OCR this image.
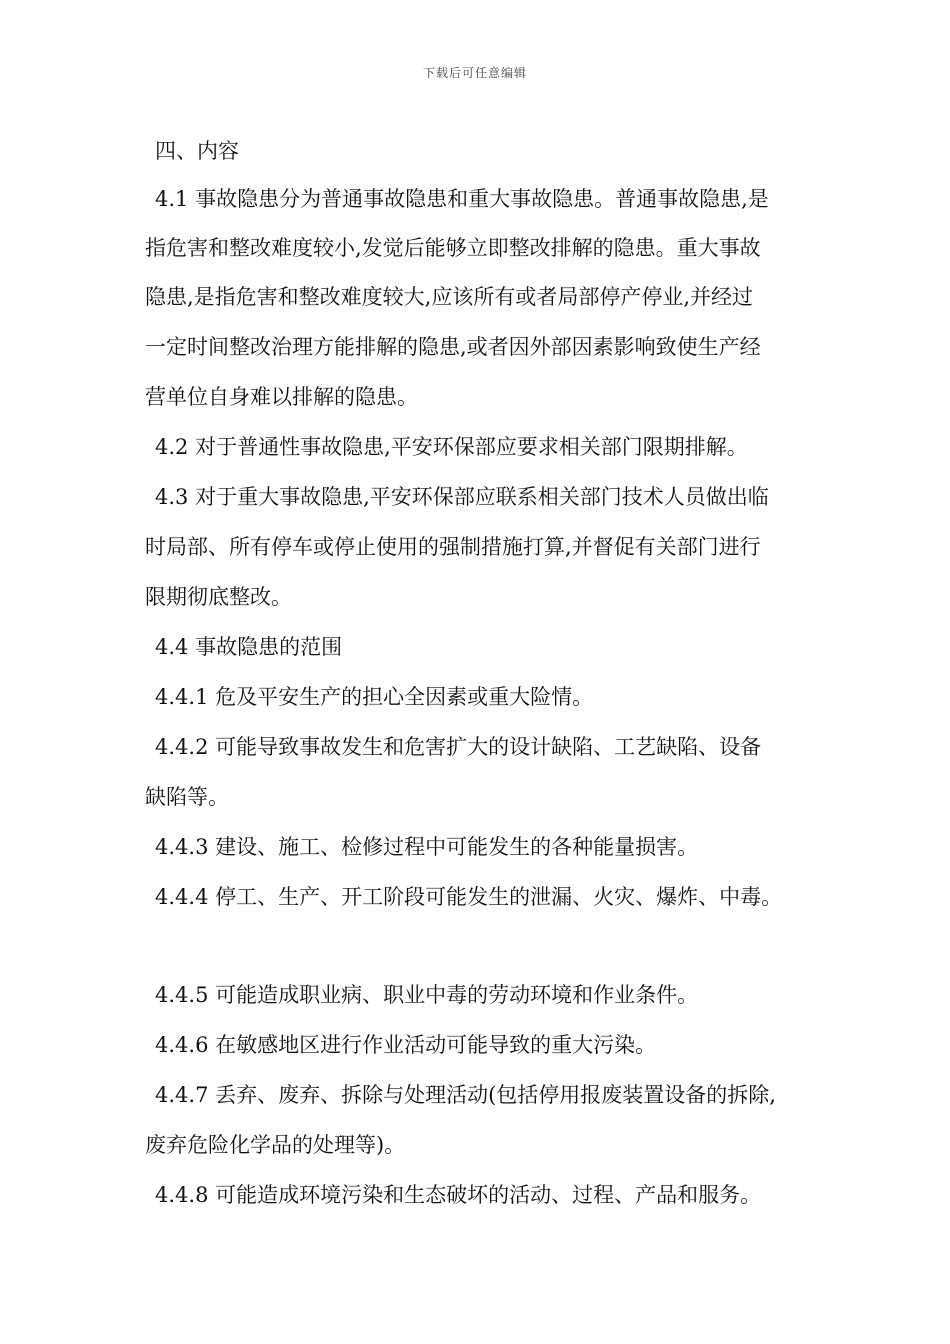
下载后可任意编辑
四、内容
4.1 事故隐患分为普通事故隐患和重大事故隐患。普通事故隐患,是
指危害和整改难度较小,发觉后能够立即整改排解的隐患。重大事故
隐患,是指危害和整改难度较大,应该所有或者局部停产停业,并经过
一定时间整改治理方能排解的隐患,或者因外部因素影响致使生产经
营单位自身难以排解的隐患。
4.2 对于普通性事故隐患,平安环保部应要求相关部门限期排解。
4.3 对于重大事故隐患,平安环保部应联系相关部门技术人员做出临
时局部、所有停车或停止使用的强制措施打算,并督促有关部门进行
限期彻底整改。
4.4 事故隐患的范围
4.4.1 危及平安生产的担心全因素或重大险情。
4.4.2 可能导致事故发生和危害扩大的设计缺陷、工艺缺陷、设备
缺陷等。
4.4.3 建设、施工、检修过程中可能发生的各种能量损害。
4.4.4 停工、生产、开工阶段可能发生的泄漏、火灾、爆炸、中毒。
4.4.5 可能造成职业病、职业中毒的劳动环境和作业条件。
4.4.6 在敏感地区进行作业活动可能导致的重大污染。
4.4.7 丢弃、废弃、拆除与处理活动(包括停用报废装置设备的拆除,
废弃危险化学品的处理等)。
4.4.8 可能造成环境污染和生态破坏的活动、过程、产品和服务。
